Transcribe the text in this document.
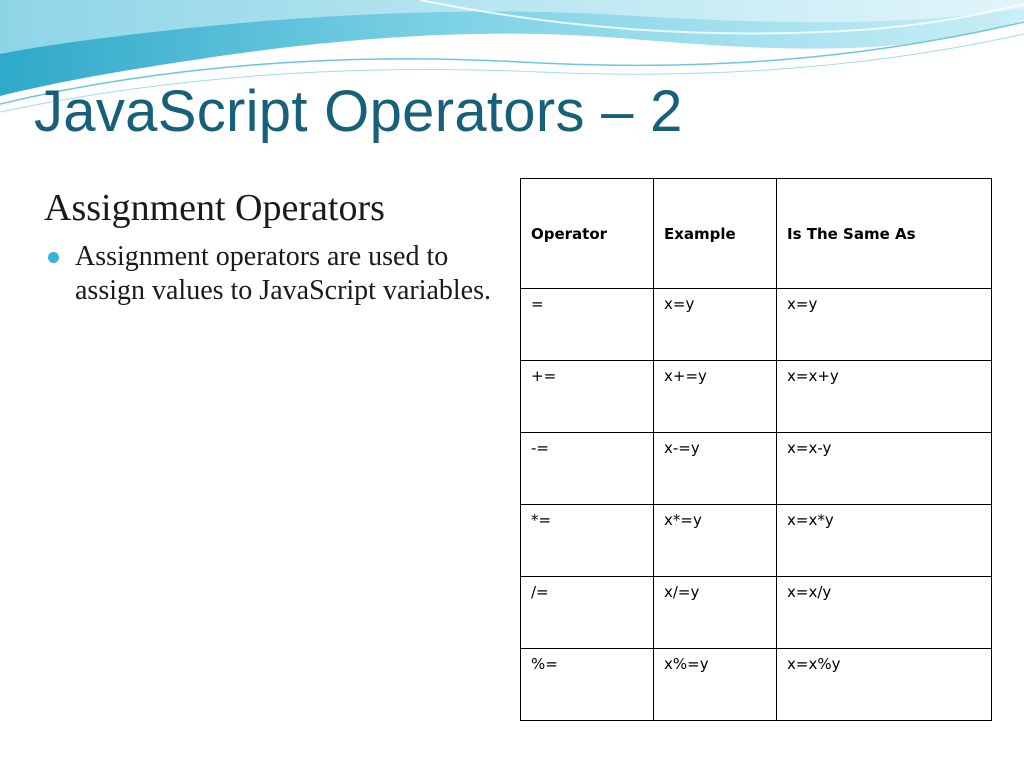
JavaScript Operators – 2
Assignment Operators
Assignment operators are used to assign values to JavaScript variables.
Operator	Example	Is The Same As
=	x=y	x=y
+=	x+=y	x=x+y
-=	x-=y	x=x-y
*=	x*=y	x=x*y
/=	x/=y	x=x/y
%=	x%=y	x=x%y
